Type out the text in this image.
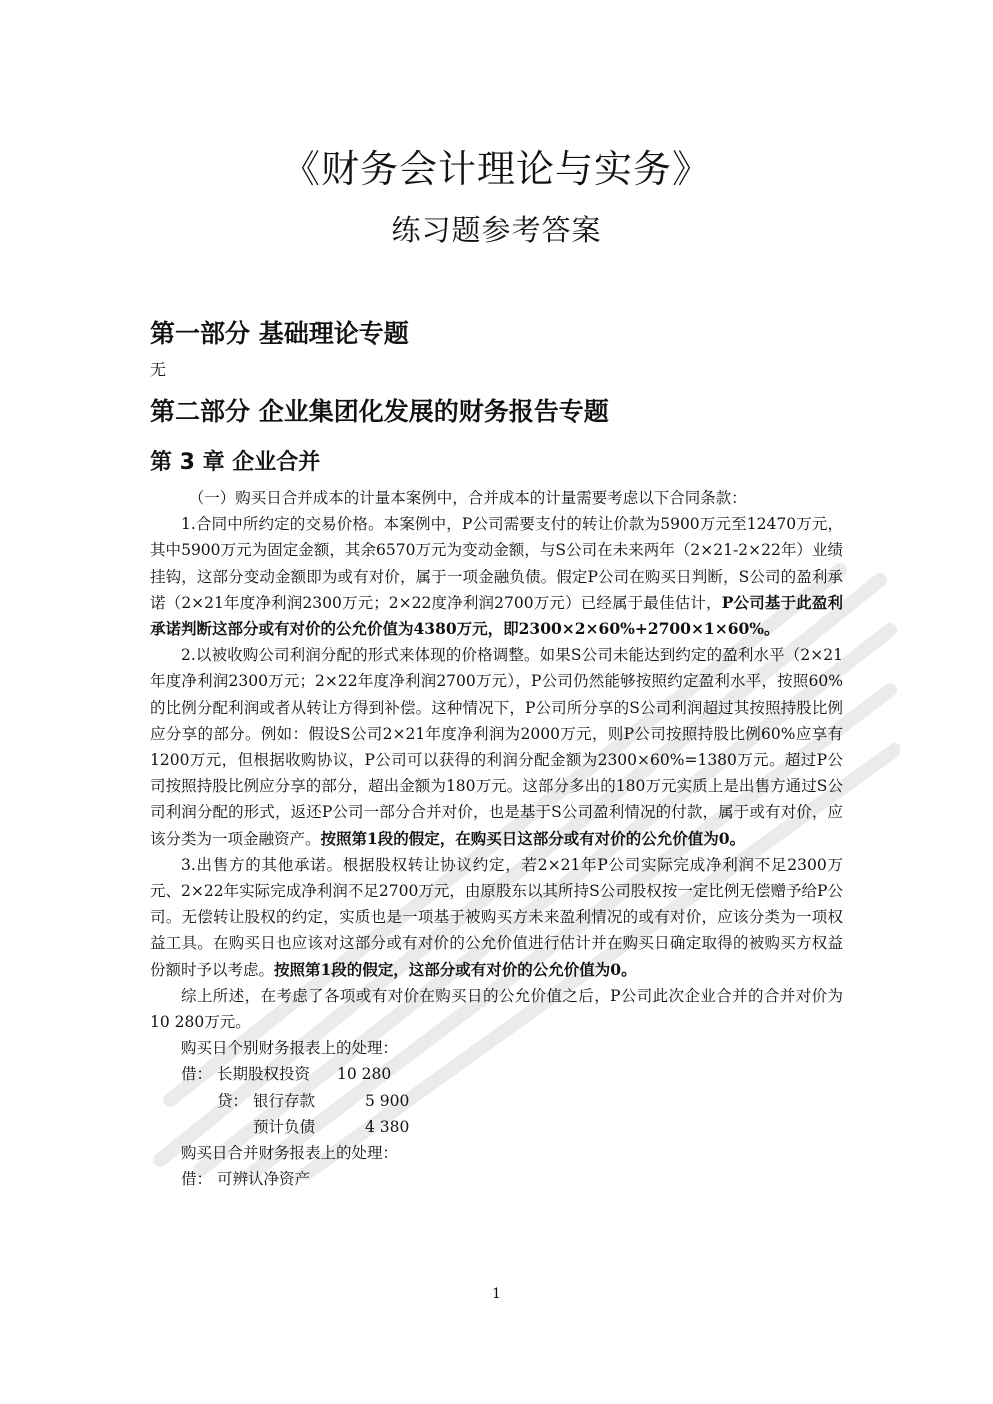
《财务会计理论与实务》
练习题参考答案
第一部分 基础理论专题
无
第二部分 企业集团化发展的财务报告专题
第 3 章 企业合并

（一）购买日合并成本的计量本案例中，合并成本的计量需要考虑以下合同条款：

1.合同中所约定的交易价格。本案例中，P公司需要支付的转让价款为5900万元至12470万元，其中5900万元为固定金额，其余6570万元为变动金额，与S公司在未来两年（2×21-2×22年）业绩挂钩，这部分变动金额即为或有对价，属于一项金融负债。假定P公司在购买日判断，S公司的盈利承诺（2×21年度净利润2300万元；2×22度净利润2700万元）已经属于最佳估计，P公司基于此盈利承诺判断这部分或有对价的公允价值为4380万元，即2300×2×60%+2700×1×60%。

2.以被收购公司利润分配的形式来体现的价格调整。如果S公司未能达到约定的盈利水平（2×21年度净利润2300万元；2×22年度净利润2700万元），P公司仍然能够按照约定盈利水平，按照60%的比例分配利润或者从转让方得到补偿。这种情况下，P公司所分享的S公司利润超过其按照持股比例应分享的部分。例如：假设S公司2×21年度净利润为2000万元，则P公司按照持股比例60%应享有1200万元，但根据收购协议，P公司可以获得的利润分配金额为2300×60%=1380万元。超过P公司按照持股比例应分享的部分，超出金额为180万元。这部分多出的180万元实质上是出售方通过S公司利润分配的形式，返还P公司一部分合并对价，也是基于S公司盈利情况的付款，属于或有对价，应该分类为一项金融资产。按照第1段的假定，在购买日这部分或有对价的公允价值为0。

3.出售方的其他承诺。根据股权转让协议约定，若2×21年P公司实际完成净利润不足2300万元、2×22年实际完成净利润不足2700万元，由原股东以其所持S公司股权按一定比例无偿赠予给P公司。无偿转让股权的约定，实质也是一项基于被购买方未来盈利情况的或有对价，应该分类为一项权益工具。在购买日也应该对这部分或有对价的公允价值进行估计并在购买日确定取得的被购买方权益份额时予以考虑。按照第1段的假定，这部分或有对价的公允价值为0。

综上所述，在考虑了各项或有对价在购买日的公允价值之后，P公司此次企业合并的合并对价为10 280万元。

购买日个别财务报表上的处理：

借： 长期股权投资	10 280

贷： 银行存款	5 900

预计负债	4 380

购买日合并财务报表上的处理：

借： 可辨认净资产

1
